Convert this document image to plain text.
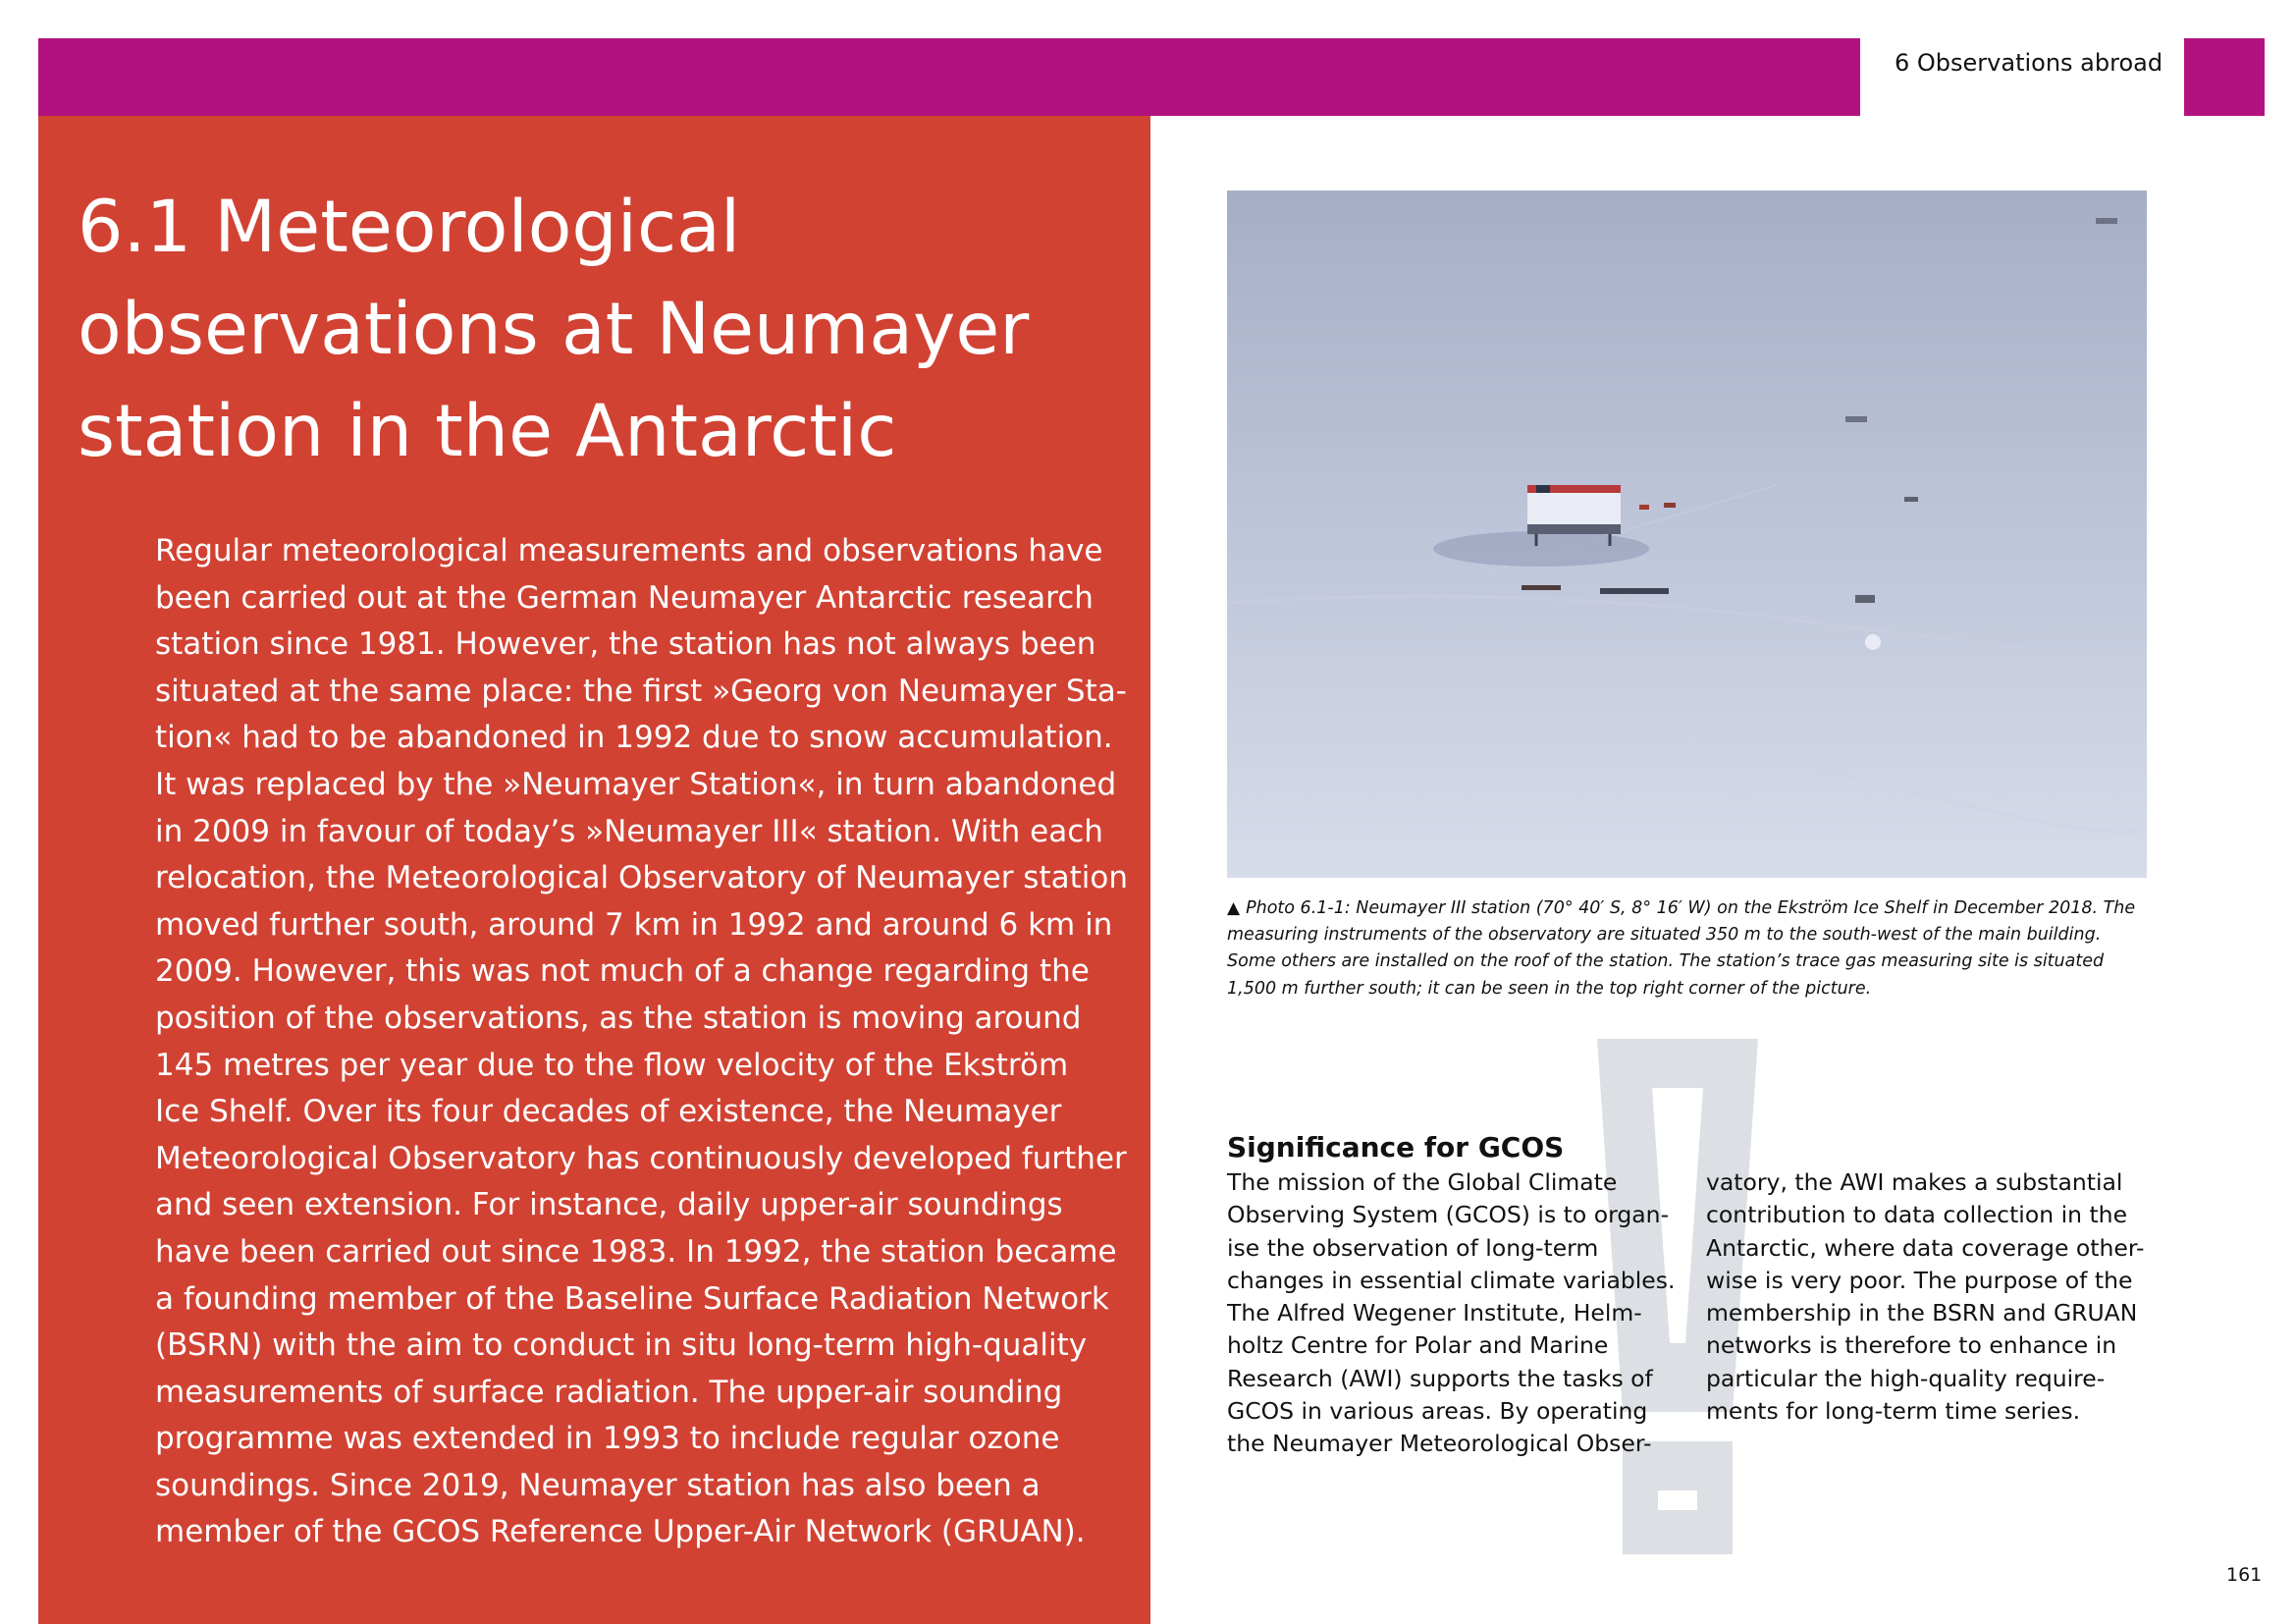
6 Observations abroad
6.1 Meteorological
observations at Neumayer
station in the Antarctic
Regular meteorological measurements and observations have
been carried out at the German Neumayer Antarctic research
station since 1981. However, the station has not always been
situated at the same place: the first »Georg von Neumayer Sta-
tion« had to be abandoned in 1992 due to snow accumulation.
It was replaced by the »Neumayer Station«, in turn abandoned
in 2009 in favour of today’s »Neumayer III« station. With each
relocation, the Meteorological Observatory of Neumayer station
moved further south, around 7 km in 1992 and around 6 km in
2009. However, this was not much of a change regarding the
position of the observations, as the station is moving around
145 metres per year due to the flow velocity of the Ekström
Ice Shelf. Over its four decades of existence, the Neumayer
Meteorological Observatory has continuously developed further
and seen extension. For instance, daily upper-air soundings
have been carried out since 1983. In 1992, the station became
a founding member of the Baseline Surface Radiation Network
(BSRN) with the aim to conduct in situ long-term high-quality
measurements of surface radiation. The upper-air sounding
programme was extended in 1993 to include regular ozone
soundings. Since 2019, Neumayer station has also been a
member of the GCOS Reference Upper-Air Network (GRUAN).
▲ Photo 6.1-1: Neumayer III station (70° 40′ S, 8° 16′ W) on the Ekström Ice Shelf in December 2018. The
measuring instruments of the observatory are situated 350 m to the south-west of the main building.
Some others are installed on the roof of the station. The station’s trace gas measuring site is situated
1,500 m further south; it can be seen in the top right corner of the picture.
Significance for GCOS
The mission of the Global Climate
Observing System (GCOS) is to organ-
ise the observation of long-term
changes in essential climate variables.
The Alfred Wegener Institute, Helm-
holtz Centre for Polar and Marine
Research (AWI) supports the tasks of
GCOS in various areas. By operating
the Neumayer Meteorological Obser-
vatory, the AWI makes a substantial
contribution to data collection in the
Antarctic, where data coverage other-
wise is very poor. The purpose of the
membership in the BSRN and GRUAN
networks is therefore to enhance in
particular the high-quality require-
ments for long-term time series.
161
